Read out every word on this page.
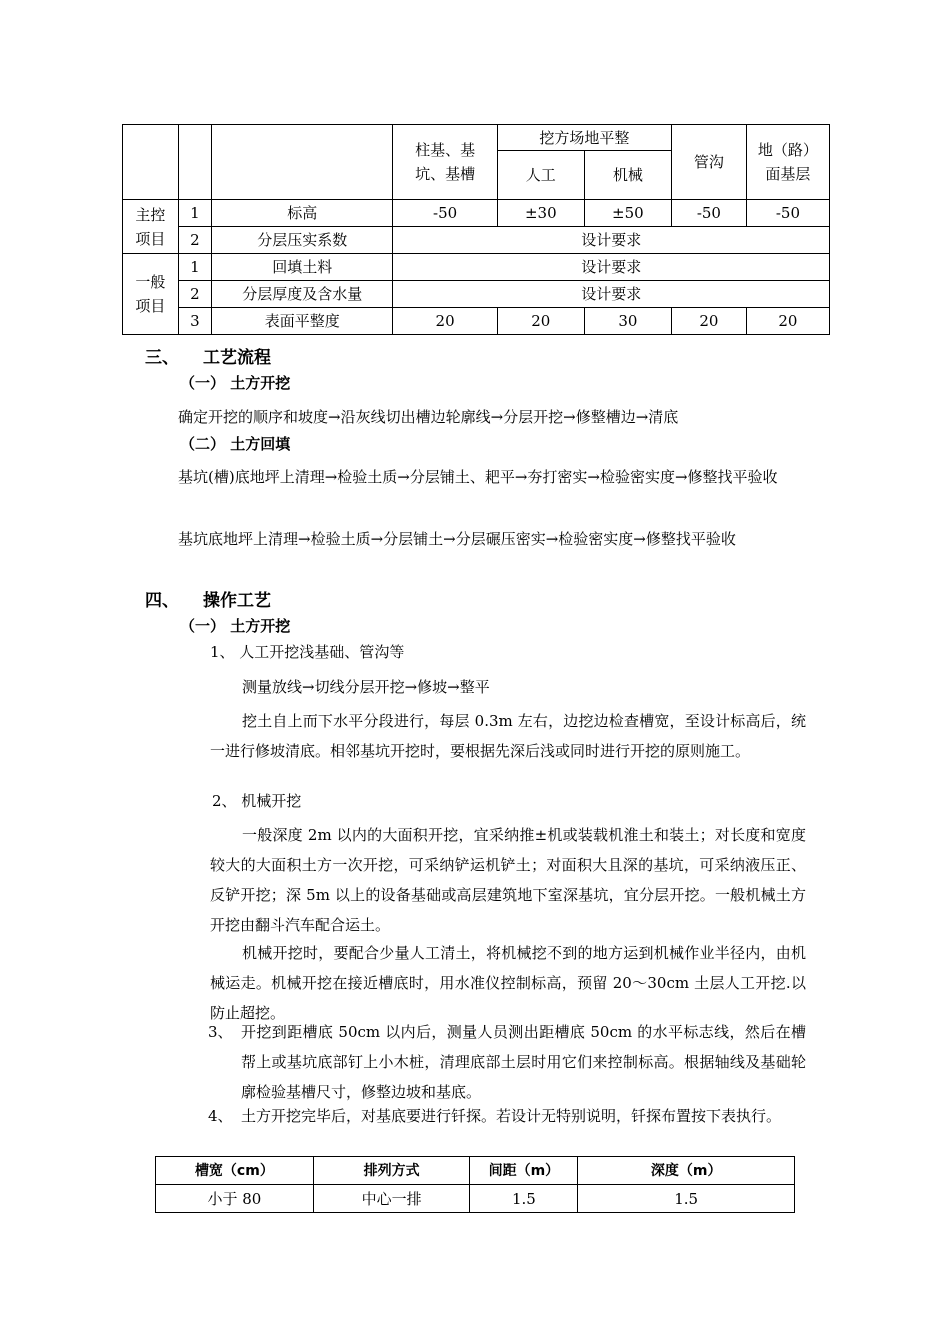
			柱基、基坑、基槽	挖方场地平整		管沟	地（路）面基层
				人工	机械		
主控项目	1	标高	-50	±30	±50	-50	-50
	2	分层压实系数	设计要求				
一般项目	1	回填土料	设计要求				
	2	分层厚度及含水量	设计要求				
	3	表面平整度	20	20	30	20	20
三、 工艺流程
（一） 土方开挖
确定开挖的顺序和坡度→沿灰线切出槽边轮廓线→分层开挖→修整槽边→清底
（二） 土方回填
基坑(槽)底地坪上清理→检验土质→分层铺土、耙平→夯打密实→检验密实度→修整找平验收
基坑底地坪上清理→检验土质→分层铺土→分层碾压密实→检验密实度→修整找平验收
四、 操作工艺
（一） 土方开挖
1、 人工开挖浅基础、管沟等
测量放线→切线分层开挖→修坡→整平
挖土自上而下水平分段进行，每层 0.3m 左右，边挖边检查槽宽，至设计标高后，统一进行修坡清底。相邻基坑开挖时，要根据先深后浅或同时进行开挖的原则施工。
2、 机械开挖
一般深度 2m 以内的大面积开挖，宜采纳推±机或装载机淮土和装土；对长度和宽度较大的大面积土方一次开挖，可采纳铲运机铲土；对面积大且深的基坑，可采纳液压正、反铲开挖；深 5m 以上的设备基础或高层建筑地下室深基坑，宜分层开挖。一般机械土方开挖由翻斗汽车配合运土。
机械开挖时，要配合少量人工清土，将机械挖不到的地方运到机械作业半径内，由机械运走。机械开挖在接近槽底时，用水准仪控制标高，预留 20～30cm 土层人工开挖.以防止超挖。
3、 开挖到距槽底 50cm 以内后，测量人员测出距槽底 50cm 的水平标志线，然后在槽帮上或基坑底部钉上小木桩，清理底部土层时用它们来控制标高。根据轴线及基础轮廓检验基槽尺寸，修整边坡和基底。
4、 土方开挖完毕后，对基底要进行钎探。若设计无特别说明，钎探布置按下表执行。
槽宽（cm）	排列方式	间距（m）	深度（m）
小于 80	中心一排	1.5	1.5
